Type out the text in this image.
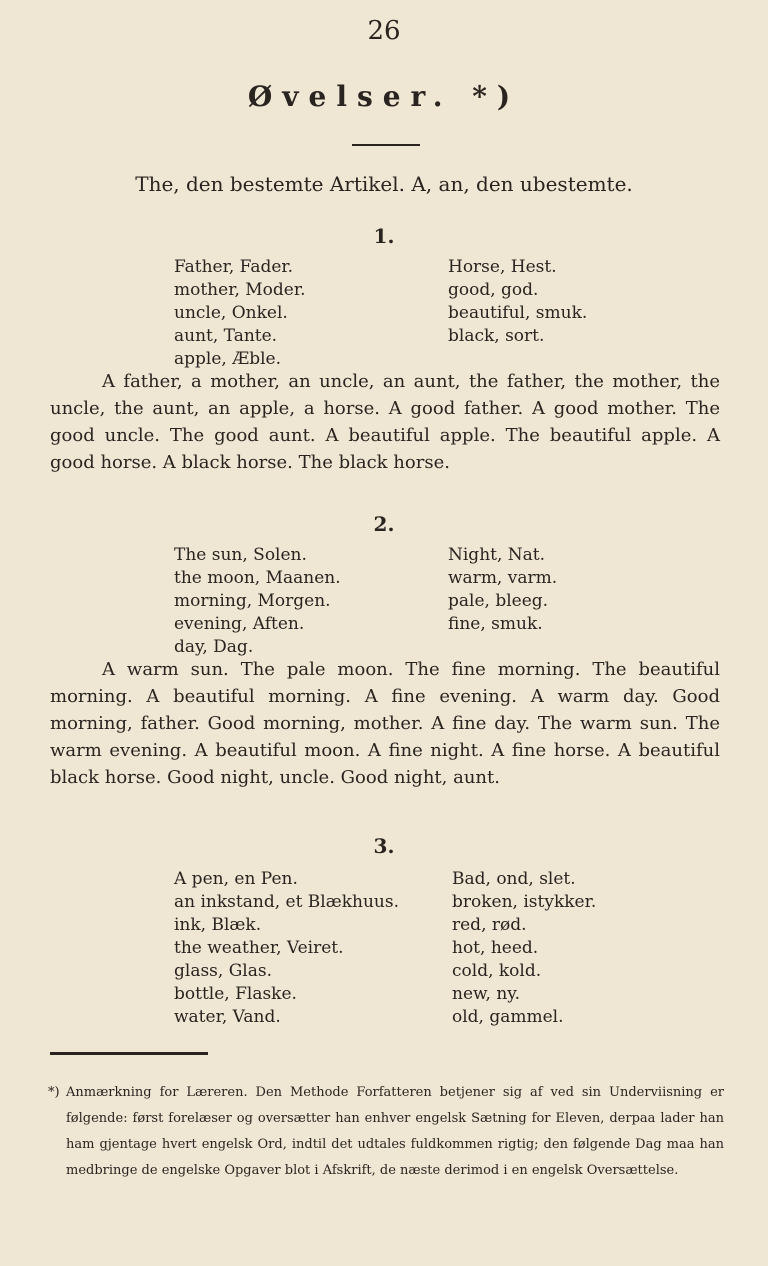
26
Øvelser. *)
The, den bestemte Artikel. A, an, den ubestemte.
1.
Father, Fader.
mother, Moder.
uncle, Onkel.
aunt, Tante.
apple, Æble.
Horse, Hest.
good, god.
beautiful, smuk.
black, sort.
A father, a mother, an uncle, an aunt, the father, the mother, the uncle, the aunt, an apple, a horse. A good father. A good mother. The good uncle. The good aunt. A beautiful apple. The beautiful apple. A good horse. A black horse. The black horse.
2.
The sun, Solen.
the moon, Maanen.
morning, Morgen.
evening, Aften.
day, Dag.
Night, Nat.
warm, varm.
pale, bleeg.
fine, smuk.
A warm sun. The pale moon. The fine morning. The beautiful morning. A beautiful morning. A fine evening. A warm day. Good morning, father. Good morning, mother. A fine day. The warm sun. The warm evening. A beautiful moon. A fine night. A fine horse. A beautiful black horse. Good night, uncle. Good night, aunt.
3.
A pen, en Pen.
an inkstand, et Blækhuus.
ink, Blæk.
the weather, Veiret.
glass, Glas.
bottle, Flaske.
water, Vand.
Bad, ond, slet.
broken, istykker.
red, rød.
hot, heed.
cold, kold.
new, ny.
old, gammel.
*) Anmærkning for Læreren. Den Methode Forfatteren betjener sig af ved sin Underviisning er følgende: først forelæser og oversætter han enhver engelsk Sætning for Eleven, derpaa lader han ham gjentage hvert engelsk Ord, indtil det udtales fuldkommen rigtig; den følgende Dag maa han medbringe de engelske Opgaver blot i Afskrift, de næste derimod i en engelsk Oversættelse.
